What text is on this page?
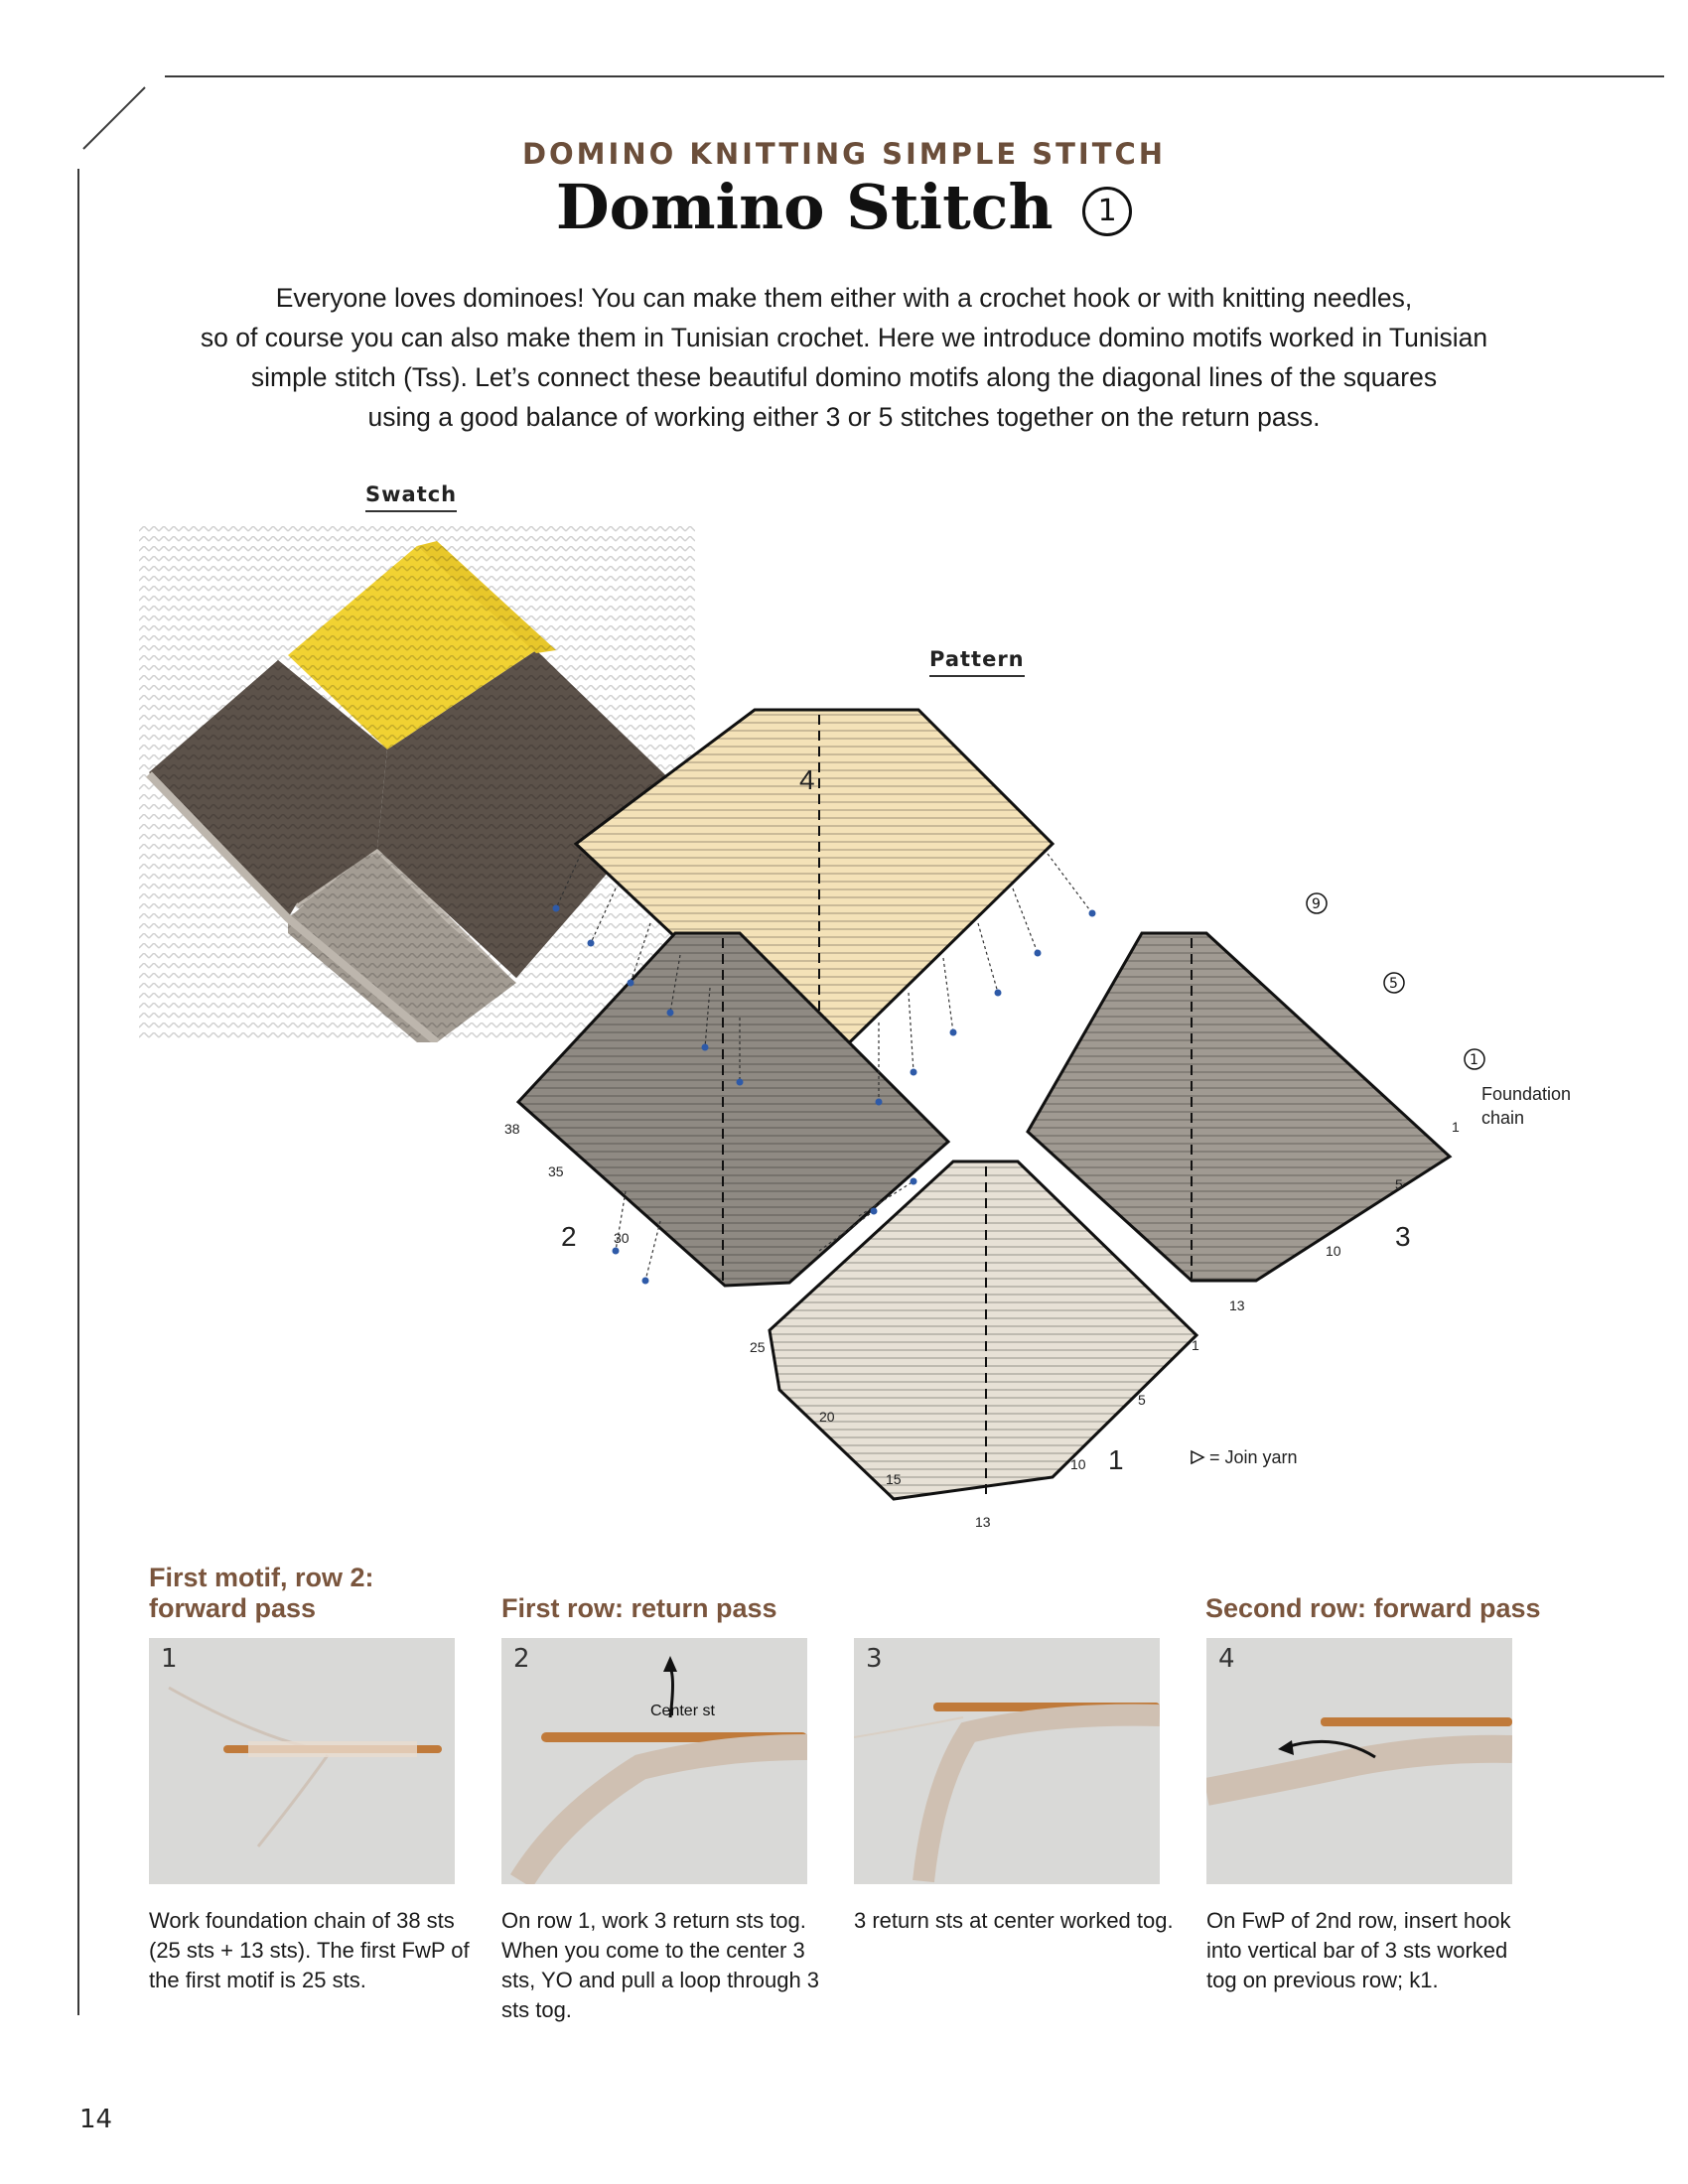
DOMINO KNITTING SIMPLE STITCH
Domino Stitch 1
Everyone loves dominoes! You can make them either with a crochet hook or with knitting needles,
so of course you can also make them in Tunisian crochet. Here we introduce domino motifs worked in Tunisian
simple stitch (Tss). Let’s connect these beautiful domino motifs along the diagonal lines of the squares
using a good balance of working either 3 or 5 stitches together on the return pass.
Swatch
Pattern
4
2	3
1
9
5
1
Foundation
chain
38
35
30
25
20
15
13
10
5
1
1
5
10
13
= Join yarn
First motif, row 2:
forward pass	First row: return pass	Second row: forward pass
1	2
Center st
3	4
Work foundation chain of 38 sts (25 sts + 13 sts). The first FwP of the first motif is 25 sts.
On row 1, work 3 return sts tog. When you come to the center 3 sts, YO and pull a loop through 3 sts tog.
3 return sts at center worked tog.	On FwP of 2nd row, insert hook into vertical bar of 3 sts worked tog on previous row; k1.
14
